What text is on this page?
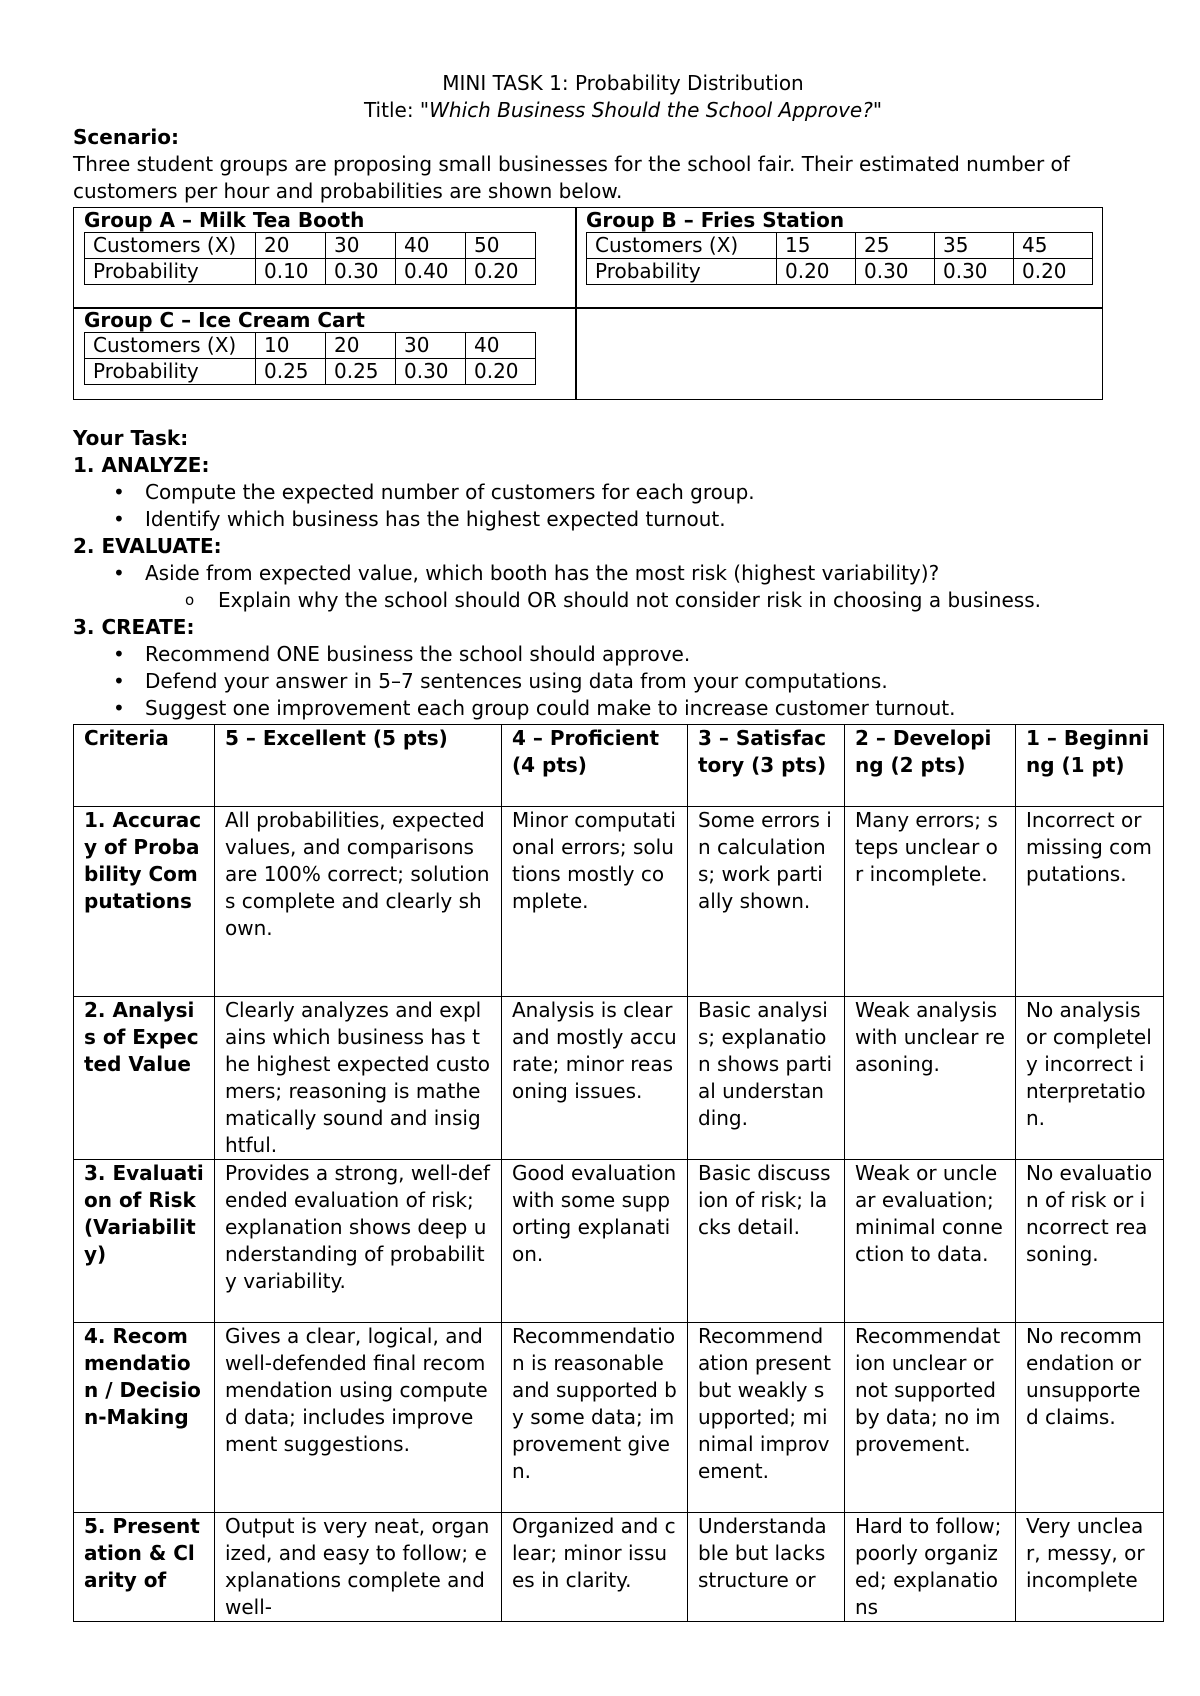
MINI TASK 1: Probability Distribution
Title: "Which Business Should the School Approve?"
Scenario:
Three student groups are proposing small businesses for the school fair. Their estimated number of customers per hour and probabilities are shown below.
Group A – Milk Tea Booth
Customers (X)	20	30	40	50
Probability	0.10	0.30	0.40	0.20
Group B – Fries Station
Customers (X)	15	25	35	45
Probability	0.20	0.30	0.30	0.20
Group C – Ice Cream Cart
Customers (X)	10	20	30	40
Probability	0.25	0.25	0.30	0.20
Your Task:
1. ANALYZE:
• Compute the expected number of customers for each group.
• Identify which business has the highest expected turnout.
2. EVALUATE:
• Aside from expected value, which booth has the most risk (highest variability)?
o Explain why the school should OR should not consider risk in choosing a business.
3. CREATE:
• Recommend ONE business the school should approve.
• Defend your answer in 5–7 sentences using data from your computations.
• Suggest one improvement each group could make to increase customer turnout.
Criteria	5 – Excellent (5 pts)	4 – Proficient (4 pts)	3 – Satisfactory (3 pts)	2 – Developing (2 pts)	1 – Beginning (1 pt)
1. Accuracy of Probability Computations	All probabilities, expected values, and comparisons are 100% correct; solutions complete and clearly shown.	Minor computational errors; solutions mostly complete.	Some errors in calculations; work partially shown.	Many errors; steps unclear or incomplete.	Incorrect or missing computations.
2. Analysis of Expected Value	Clearly analyzes and explains which business has the highest expected customers; reasoning is mathematically sound and insightful.	Analysis is clear and mostly accurate; minor reasoning issues.	Basic analysis; explanation shows partial understanding.	Weak analysis with unclear reasoning.	No analysis or completely incorrect interpretation.
3. Evaluation of Risk (Variability)	Provides a strong, well-defended evaluation of risk; explanation shows deep understanding of probability variability.	Good evaluation with some supporting explanation.	Basic discussion of risk; lacks detail.	Weak or unclear evaluation; minimal connection to data.	No evaluation of risk or incorrect reasoning.
4. Recommendation / Decision-Making	Gives a clear, logical, and well-defended final recommendation using computed data; includes improvement suggestions.	Recommendation is reasonable and supported by some data; improvement given.	Recommendation present but weakly supported; minimal improvement.	Recommendation unclear or not supported by data; no improvement.	No recommendation or unsupported claims.
5. Presentation & Clarity of	Output is very neat, organized, and easy to follow; explanations complete and well-	Organized and clear; minor issues in clarity.	Understandable but lacks structure or	Hard to follow; poorly organized; explanations	Very unclear, messy, or incomplete
